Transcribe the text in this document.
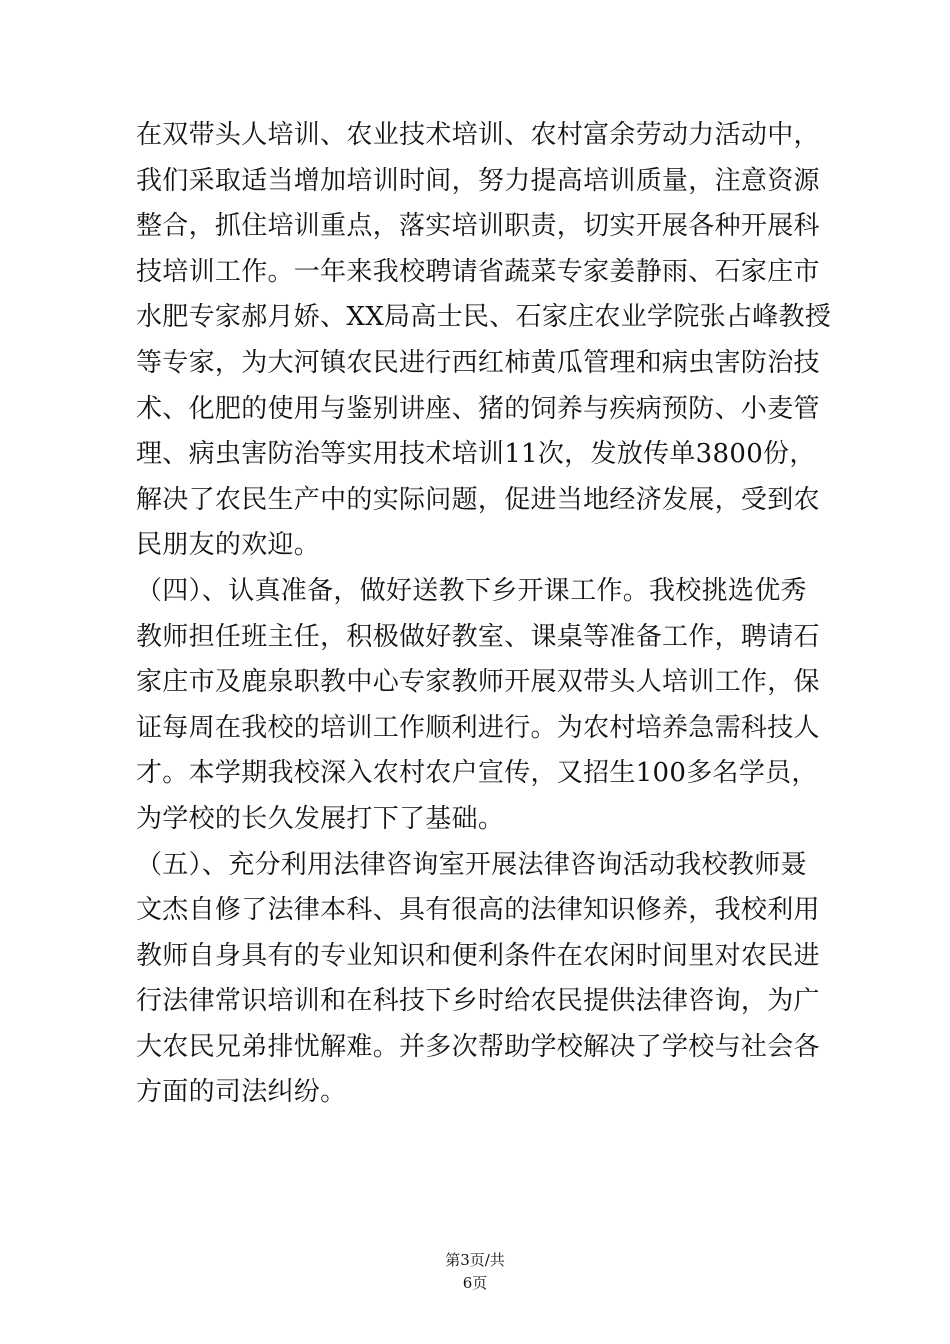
在双带头人培训、农业技术培训、农村富余劳动力活动中，
我们采取适当增加培训时间，努力提高培训质量，注意资源
整合，抓住培训重点，落实培训职责，切实开展各种开展科
技培训工作。一年来我校聘请省蔬菜专家姜静雨、石家庄市
水肥专家郝月娇、XX局高士民、石家庄农业学院张占峰教授
等专家，为大河镇农民进行西红柿黄瓜管理和病虫害防治技
术、化肥的使用与鉴别讲座、猪的饲养与疾病预防、小麦管
理、病虫害防治等实用技术培训11次，发放传单3800份，
解决了农民生产中的实际问题，促进当地经济发展，受到农
民朋友的欢迎。
（四）、认真准备，做好送教下乡开课工作。我校挑选优秀
教师担任班主任，积极做好教室、课桌等准备工作，聘请石
家庄市及鹿泉职教中心专家教师开展双带头人培训工作，保
证每周在我校的培训工作顺利进行。为农村培养急需科技人
才。本学期我校深入农村农户宣传，又招生100多名学员，
为学校的长久发展打下了基础。
（五）、充分利用法律咨询室开展法律咨询活动我校教师聂
文杰自修了法律本科、具有很高的法律知识修养，我校利用
教师自身具有的专业知识和便利条件在农闲时间里对农民进
行法律常识培训和在科技下乡时给农民提供法律咨询，为广
大农民兄弟排忧解难。并多次帮助学校解决了学校与社会各
方面的司法纠纷。
第3页/共
6页
